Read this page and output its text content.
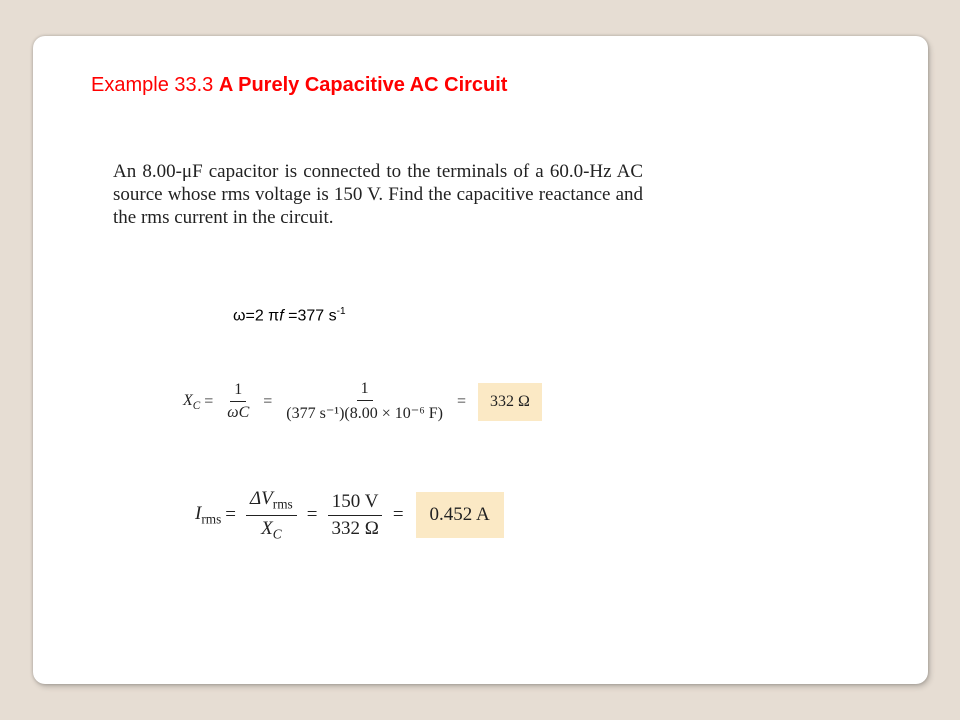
Example 33.3 A Purely Capacitive AC Circuit
An 8.00-μF capacitor is connected to the terminals of a 60.0-Hz AC source whose rms voltage is 150 V. Find the capacitive reactance and the rms current in the circuit.
ω=2 πf =377 $s^{-1}$
$X_C = \frac{1}{\omega C} = \frac{1}{\text{(377 s⁻¹)(8.00 × 10⁻⁶ F)}}$ =	332 Ω
$I_{rms} = \frac{\Delta V_{rms}}{X_C} = \frac{150 V}{332 \Omega}$ =	0.452 A
